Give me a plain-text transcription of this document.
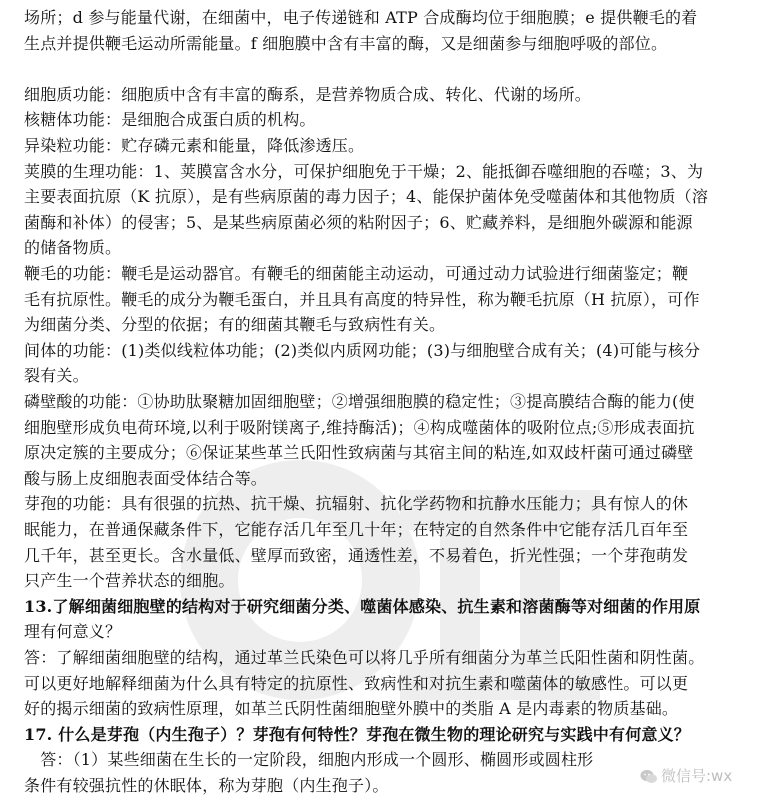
场所；d 参与能量代谢，在细菌中，电子传递链和 ATP 合成酶均位于细胞膜；e 提供鞭毛的着
生点并提供鞭毛运动所需能量。f 细胞膜中含有丰富的酶，又是细菌参与细胞呼吸的部位。
细胞质功能：细胞质中含有丰富的酶系，是营养物质合成、转化、代谢的场所。
核糖体功能：是细胞合成蛋白质的机构。
异染粒功能：贮存磷元素和能量，降低渗透压。
荚膜的生理功能：1、荚膜富含水分，可保护细胞免于干燥；2、能抵御吞噬细胞的吞噬；3、为
主要表面抗原（K 抗原），是有些病原菌的毒力因子；4、能保护菌体免受噬菌体和其他物质（溶
菌酶和补体）的侵害；5、是某些病原菌必须的粘附因子；6、贮藏养料，是细胞外碳源和能源
的储备物质。
鞭毛的功能：鞭毛是运动器官。有鞭毛的细菌能主动运动，可通过动力试验进行细菌鉴定；鞭
毛有抗原性。鞭毛的成分为鞭毛蛋白，并且具有高度的特异性，称为鞭毛抗原（H 抗原），可作
为细菌分类、分型的依据；有的细菌其鞭毛与致病性有关。
间体的功能：(1)类似线粒体功能；(2)类似内质网功能；(3)与细胞壁合成有关；(4)可能与核分
裂有关。
磷壁酸的功能：①协助肽聚糖加固细胞壁；②增强细胞膜的稳定性；③提高膜结合酶的能力(使
细胞壁形成负电荷环境,以利于吸附镁离子,维持酶活)；④构成噬菌体的吸附位点;⑤形成表面抗
原决定簇的主要成分；⑥保证某些革兰氏阳性致病菌与其宿主间的粘连,如双歧杆菌可通过磷壁
酸与肠上皮细胞表面受体结合等。
芽孢的功能：具有很强的抗热、抗干燥、抗辐射、抗化学药物和抗静水压能力；具有惊人的休
眠能力，在普通保藏条件下，它能存活几年至几十年；在特定的自然条件中它能存活几百年至
几千年，甚至更长。含水量低、壁厚而致密，通透性差，不易着色，折光性强；一个芽孢萌发
只产生一个营养状态的细胞。
13.了解细菌细胞壁的结构对于研究细菌分类、噬菌体感染、抗生素和溶菌酶等对细菌的作用原
理有何意义？
答：了解细菌细胞壁的结构，通过革兰氏染色可以将几乎所有细菌分为革兰氏阳性菌和阴性菌。
可以更好地解释细菌为什么具有特定的抗原性、致病性和对抗生素和噬菌体的敏感性。可以更
好的揭示细菌的致病性原理，如革兰氏阴性菌细胞壁外膜中的类脂 A 是内毒素的物质基础。
17. 什么是芽孢（内生孢子）？芽孢有何特性？芽孢在微生物的理论研究与实践中有何意义？
　答：（1）某些细菌在生长的一定阶段，细胞内形成一个圆形、椭圆形或圆柱形
条件有较强抗性的休眠体，称为芽胞（内生孢子）。	微信号:wx
